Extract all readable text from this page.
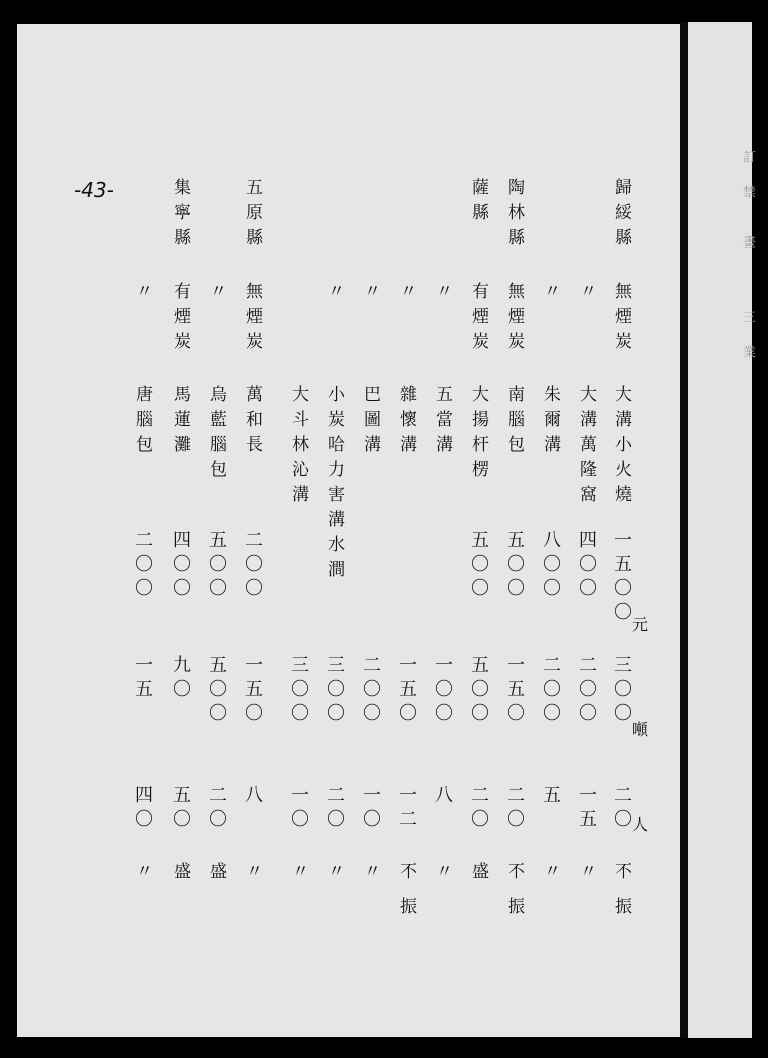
訂
禁
畫
三
業
-43-
元
噸
人
歸綏縣
無煙炭
大溝小火燒
一五〇〇
三〇〇
二〇
不振
〃
大溝萬隆窩
四〇〇
二〇〇
一五
〃
〃
朱爾溝
八〇〇
二〇〇
五
〃
陶林縣
無煙炭
南腦包
五〇〇
一五〇
二〇
不振
薩縣
有煙炭
大揚杆楞
五〇〇
五〇〇
二〇
盛
〃
五當溝
一〇〇
八
〃
〃
雜懷溝
一五〇
一二
不振
〃
巴圖溝
二〇〇
一〇
〃
〃
小炭哈力害溝水澗
三〇〇
二〇
〃
大斗林沁溝
三〇〇
一〇
〃
五原縣
無煙炭
萬和長
二〇〇
一五〇
八
〃
〃
烏藍腦包
五〇〇
五〇〇
二〇
盛
集寧縣
有煙炭
馬蓮灘
四〇〇
九〇
五〇
盛
〃
唐腦包
二〇〇
一五
四〇
〃
